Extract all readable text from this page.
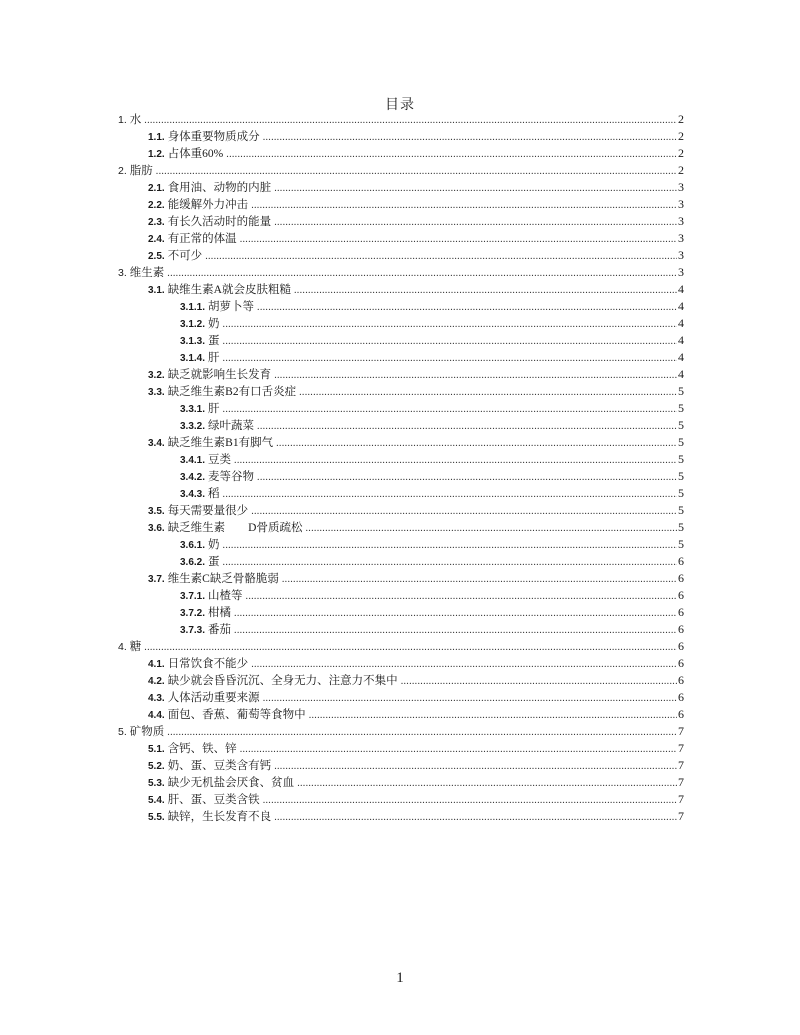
目录
1. 水 .....	2
1.1. 身体重要物质成分 .....	2
1.2. 占体重60% .....	2
2. 脂肪 .....	2
2.1. 食用油、动物的内脏 .....	3
2.2. 能缓解外力冲击 .....	3
2.3. 有长久活动时的能量 .....	3
2.4. 有正常的体温 .....	3
2.5. 不可少 .....	3
3. 维生素 .....	3
3.1. 缺维生素A就会皮肤粗糙 .....	4
3.1.1. 胡萝卜等 .....	4
3.1.2. 奶 .....	4
3.1.3. 蛋 .....	4
3.1.4. 肝 .....	4
3.2. 缺乏就影响生长发育 .....	4
3.3. 缺乏维生素B2有口舌炎症 .....	5
3.3.1. 肝 .....	5
3.3.2. 绿叶蔬菜 .....	5
3.4. 缺乏维生素B1有脚气 .....	5
3.4.1. 豆类 .....	5
3.4.2. 麦等谷物 .....	5
3.4.3. 稻 .....	5
3.5. 每天需要量很少 .....	5
3.6. 缺乏维生素        D骨质疏松 .....	5
3.6.1. 奶 .....	5
3.6.2. 蛋 .....	6
3.7. 维生素C缺乏骨骼脆弱 .....	6
3.7.1. 山楂等 .....	6
3.7.2. 柑橘 .....	6
3.7.3. 番茄 .....	6
4. 糖 .....	6
4.1. 日常饮食不能少 .....	6
4.2. 缺少就会昏昏沉沉、全身无力、注意力不集中 .....	6
4.3. 人体活动重要来源 .....	6
4.4. 面包、香蕉、葡萄等食物中 .....	6
5. 矿物质 .....	7
5.1. 含钙、铁、锌 .....	7
5.2. 奶、蛋、豆类含有钙 .....	7
5.3. 缺少无机盐会厌食、贫血 .....	7
5.4. 肝、蛋、豆类含铁 .....	7
5.5. 缺锌，生长发育不良 .....	7
1
